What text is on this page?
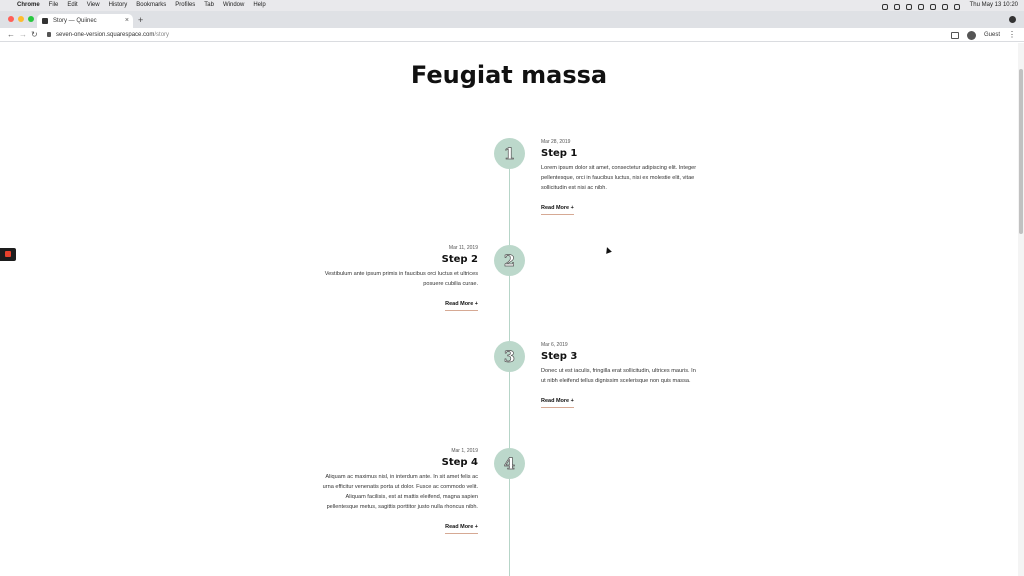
Chrome File Edit View History Bookmarks Profiles Tab Window Help	Thu May 13 10:20
Story — Quiinec	× +
← → ↻	seven-one-version.squarespace.com/story	Guest ⋮
Feugiat massa
1
Mar 28, 2019
Step 1
Lorem ipsum dolor sit amet, consectetur adipiscing elit. Integer pellentesque, orci in faucibus luctus, nisi ex molestie elit, vitae sollicitudin est nisi ac nibh.
Read More +
2
Mar 11, 2019
Step 2
Vestibulum ante ipsum primis in faucibus orci luctus et ultrices posuere cubilia curae.
Read More +
3
Mar 6, 2019
Step 3
Donec ut est iaculis, fringilla erat sollicitudin, ultrices mauris. In ut nibh eleifend tellus dignissim scelerisque non quis massa.
Read More +
4
Mar 1, 2019
Step 4
Aliquam ac maximus nisl, in interdum ante. In sit amet felis ac urna efficitur venenatis porta ut dolor. Fusce ac commodo velit. Aliquam facilisis, est at mattis eleifend, magna sapien pellentesque metus, sagittis porttitor justo nulla rhoncus nibh.
Read More +
